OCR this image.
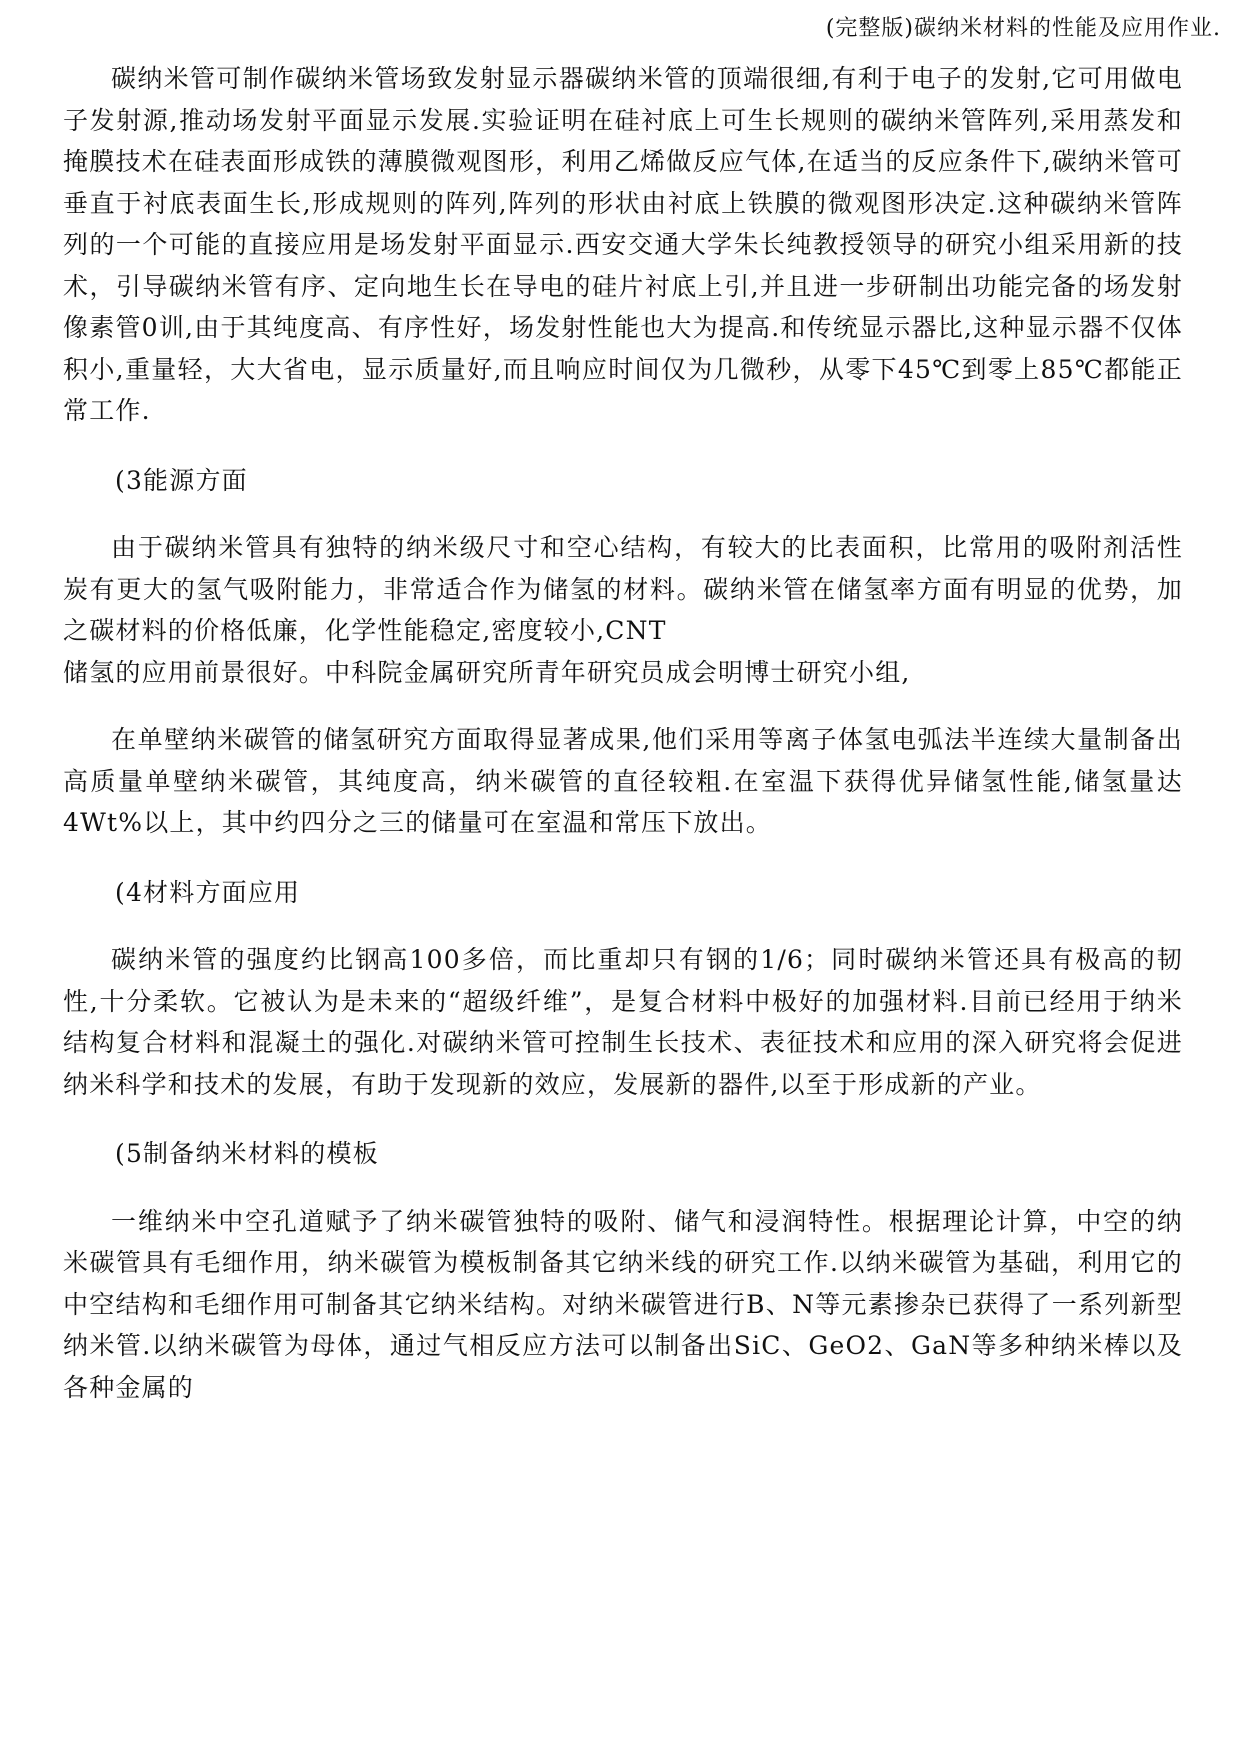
(完整版)碳纳米材料的性能及应用作业.

碳纳米管可制作碳纳米管场致发射显示器碳纳米管的顶端很细,有利于电子的发射,它可用做电子发射源,推动场发射平面显示发展.实验证明在硅衬底上可生长规则的碳纳米管阵列,采用蒸发和掩膜技术在硅表面形成铁的薄膜微观图形，利用乙烯做反应气体,在适当的反应条件下,碳纳米管可垂直于衬底表面生长,形成规则的阵列,阵列的形状由衬底上铁膜的微观图形决定.这种碳纳米管阵列的一个可能的直接应用是场发射平面显示.西安交通大学朱长纯教授领导的研究小组采用新的技术，引导碳纳米管有序、定向地生长在导电的硅片衬底上引,并且进一步研制出功能完备的场发射像素管0训,由于其纯度高、有序性好，场发射性能也大为提高.和传统显示器比,这种显示器不仅体积小,重量轻，大大省电，显示质量好,而且响应时间仅为几微秒，从零下45℃到零上85℃都能正常工作.

(3能源方面

由于碳纳米管具有独特的纳米级尺寸和空心结构，有较大的比表面积，比常用的吸附剂活性炭有更大的氢气吸附能力，非常适合作为储氢的材料。碳纳米管在储氢率方面有明显的优势，加之碳材料的价格低廉，化学性能稳定,密度较小,CNT

储氢的应用前景很好。中科院金属研究所青年研究员成会明博士研究小组,

在单壁纳米碳管的储氢研究方面取得显著成果,他们采用等离子体氢电弧法半连续大量制备出高质量单壁纳米碳管，其纯度高，纳米碳管的直径较粗.在室温下获得优异储氢性能,储氢量达4Wt%以上，其中约四分之三的储量可在室温和常压下放出。

(4材料方面应用

碳纳米管的强度约比钢高100多倍，而比重却只有钢的1/6；同时碳纳米管还具有极高的韧性,十分柔软。它被认为是未来的“超级纤维”，是复合材料中极好的加强材料.目前已经用于纳米结构复合材料和混凝土的强化.对碳纳米管可控制生长技术、表征技术和应用的深入研究将会促进纳米科学和技术的发展，有助于发现新的效应，发展新的器件,以至于形成新的产业。

(5制备纳米材料的模板

一维纳米中空孔道赋予了纳米碳管独特的吸附、储气和浸润特性。根据理论计算，中空的纳米碳管具有毛细作用，纳米碳管为模板制备其它纳米线的研究工作.以纳米碳管为基础，利用它的中空结构和毛细作用可制备其它纳米结构。对纳米碳管进行B、N等元素掺杂已获得了一系列新型纳米管.以纳米碳管为母体，通过气相反应方法可以制备出SiC、GeO2、GaN等多种纳米棒以及各种金属的
